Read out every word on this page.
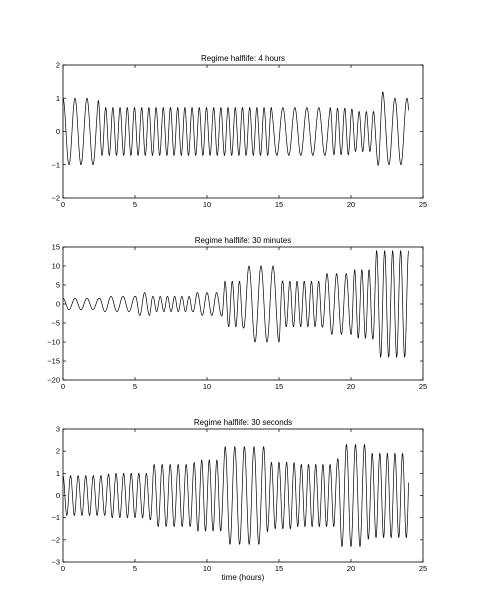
Regime halflife: 4 hours
0	5	10	15	20	25
−2
−1
0
1
2
Regime halflife: 30 minutes
0	5	10	15	20	25
−20
−15
−10
−5
0
5
10
15
Regime halflife: 30 seconds
0	5	10	15	20	25
−3
−2
−1
0
1
2
3
time (hours)
